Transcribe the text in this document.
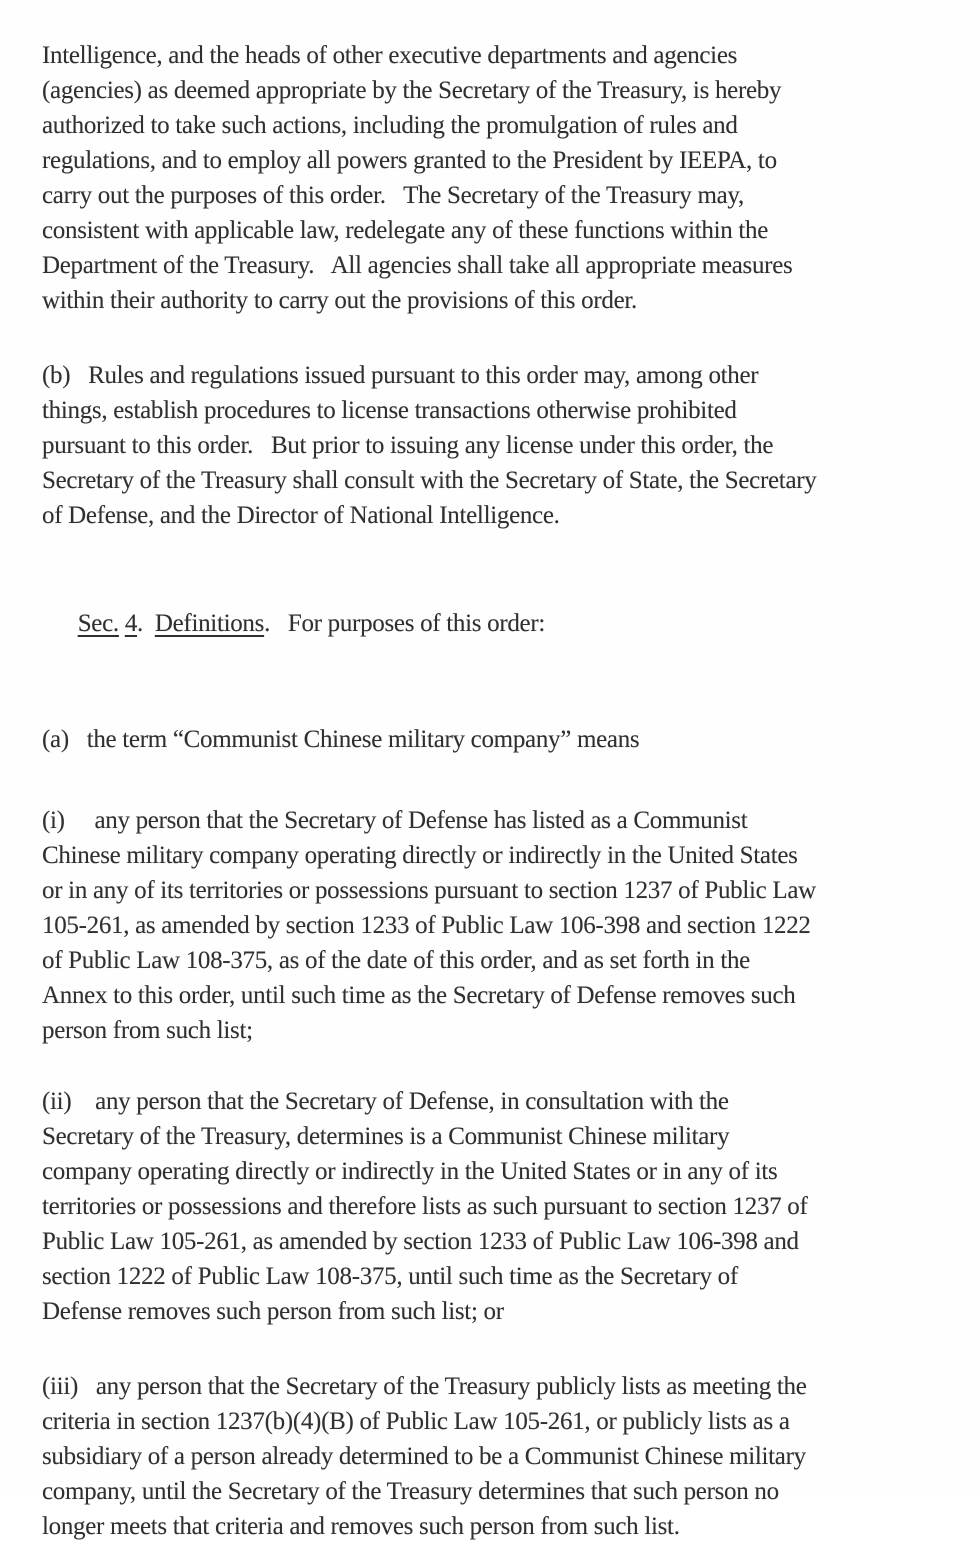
Intelligence, and the heads of other executive departments and agencies
(agencies) as deemed appropriate by the Secretary of the Treasury, is hereby
authorized to take such actions, including the promulgation of rules and
regulations, and to employ all powers granted to the President by IEEPA, to
carry out the purposes of this order.   The Secretary of the Treasury may,
consistent with applicable law, redelegate any of these functions within the
Department of the Treasury.   All agencies shall take all appropriate measures
within their authority to carry out the provisions of this order.
(b)   Rules and regulations issued pursuant to this order may, among other
things, establish procedures to license transactions otherwise prohibited
pursuant to this order.   But prior to issuing any license under this order, the
Secretary of the Treasury shall consult with the Secretary of State, the Secretary
of Defense, and the Director of National Intelligence.

Sec. 4.  Definitions.   For purposes of this order:

(a)   the term “Communist Chinese military company” means
(i)     any person that the Secretary of Defense has listed as a Communist
Chinese military company operating directly or indirectly in the United States
or in any of its territories or possessions pursuant to section 1237 of Public Law
105-261, as amended by section 1233 of Public Law 106-398 and section 1222
of Public Law 108-375, as of the date of this order, and as set forth in the
Annex to this order, until such time as the Secretary of Defense removes such
person from such list;
(ii)    any person that the Secretary of Defense, in consultation with the
Secretary of the Treasury, determines is a Communist Chinese military
company operating directly or indirectly in the United States or in any of its
territories or possessions and therefore lists as such pursuant to section 1237 of
Public Law 105-261, as amended by section 1233 of Public Law 106-398 and
section 1222 of Public Law 108-375, until such time as the Secretary of
Defense removes such person from such list; or
(iii)   any person that the Secretary of the Treasury publicly lists as meeting the
criteria in section 1237(b)(4)(B) of Public Law 105-261, or publicly lists as a
subsidiary of a person already determined to be a Communist Chinese military
company, until the Secretary of the Treasury determines that such person no
longer meets that criteria and removes such person from such list.
